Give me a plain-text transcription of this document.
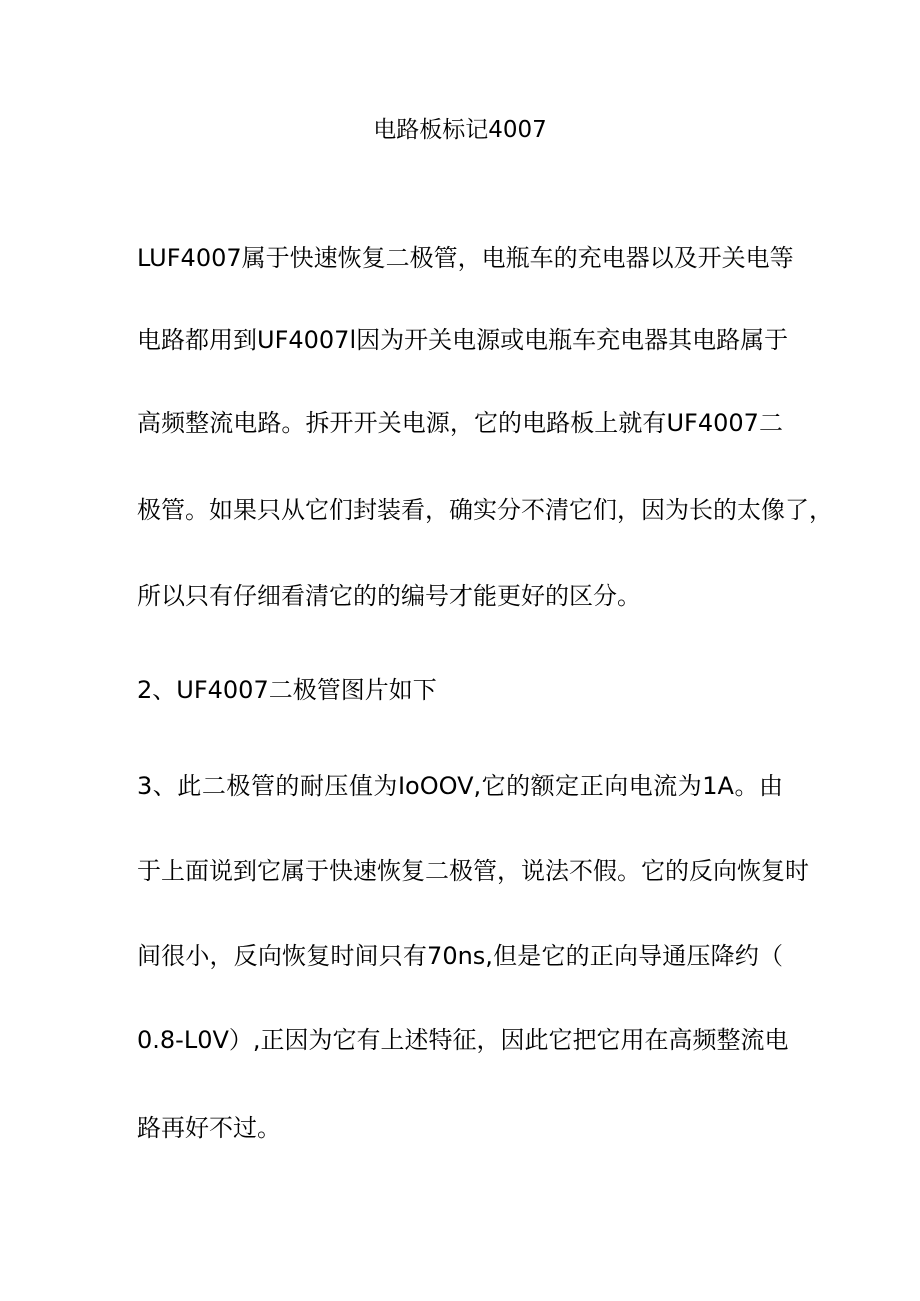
电路板标记4007
LUF4007属于快速恢复二极管，电瓶车的充电器以及开关电等
电路都用到UF4007l因为开关电源或电瓶车充电器其电路属于
高频整流电路。拆开开关电源，它的电路板上就有UF4007二
极管。如果只从它们封装看，确实分不清它们，因为长的太像了，
所以只有仔细看清它的的编号才能更好的区分。
2、UF4007二极管图片如下
3、此二极管的耐压值为IoOOV,它的额定正向电流为1A。由
于上面说到它属于快速恢复二极管，说法不假。它的反向恢复时
间很小，反向恢复时间只有70ns,但是它的正向导通压降约（
0.8-L0V）,正因为它有上述特征，因此它把它用在高频整流电
路再好不过。
